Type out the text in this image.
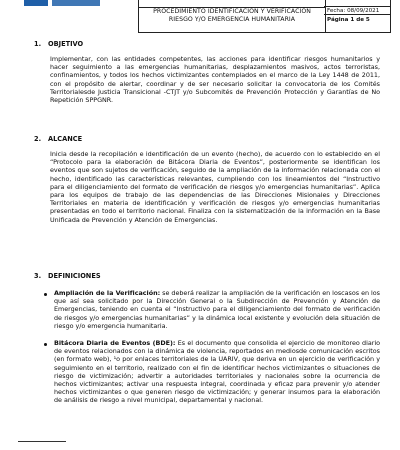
PROCEDIMIENTO IDENTIFICACIÓN Y VERIFICACIÓN
RIESGO Y/O EMERGENCIA HUMANITARIA
Fecha: 08/09/2021
Página 1 de 5
1. OBJETIVO
Implementar, con las entidades competentes, las acciones para identificar riesgos humanitarios y hacer seguimiento a las emergencias humanitarias, desplazamientos masivos, actos terroristas, confinamientos, y todos los hechos victimizantes contemplados en el marco de la Ley 1448 de 2011, con el propósito de alertar, coordinar y de ser necesario solicitar la convocatoria de los Comités Territorialesde Justicia Transicional -CTJT y/o Subcomités de Prevención Protección y Garantías de No Repetición SPPGNR.
2. ALCANCE
Inicia desde la recopilación e identificación de un evento (hecho), de acuerdo con lo establecido en el “Protocolo para la elaboración de Bitácora Diaria de Eventos”, posteriormente se identifican los eventos que son sujetos de verificación, seguido de la ampliación de la información relacionada con el hecho, identificado las características relevantes, cumpliendo con los lineamientos del “Instructivo para el diligenciamiento del formato de verificación de riesgos y/o emergencias humanitarias”. Aplica para los equipos de trabajo de las dependencias de las Direcciones Misionales y Direcciones Territoriales en materia de identificación y verificación de riesgos y/o emergencias humanitarias presentadas en todo el territorio nacional. Finaliza con la sistematización de la información en la Base Unificada de Prevención y Atención de Emergencias.
3. DEFINICIONES
Ampliación de la Verificación: se deberá realizar la ampliación de la verificación en loscasos en los que así sea solicitado por la Dirección General o la Subdirección de Prevención y Atención de Emergencias, teniendo en cuenta el “Instructivo para el diligenciamiento del formato de verificación de riesgos y/o emergencias humanitarias” y la dinámica local existente y evolución dela situación de riesgo y/o emergencia humanitaria.
Bitácora Diaria de Eventos (BDE): Es el documento que consolida el ejercicio de monitoreo diario de eventos relacionados con la dinámica de violencia, reportados en mediosde comunicación escritos (en formato web), ¹o por enlaces territoriales de la UARIV, que deriva en un ejercicio de verificación y seguimiento en el territorio, realizado con el fin de identificar hechos victimizantes o situaciones de riesgo de victimización; advertir a autoridades territoriales y nacionales sobre la ocurrencia de hechos victimizantes; activar una respuesta integral, coordinada y eficaz para prevenir y/o atender hechos victimizantes o que generen riesgo de victimización; y generar insumos para la elaboración de análisis de riesgo a nivel municipal, departamental y nacional.
